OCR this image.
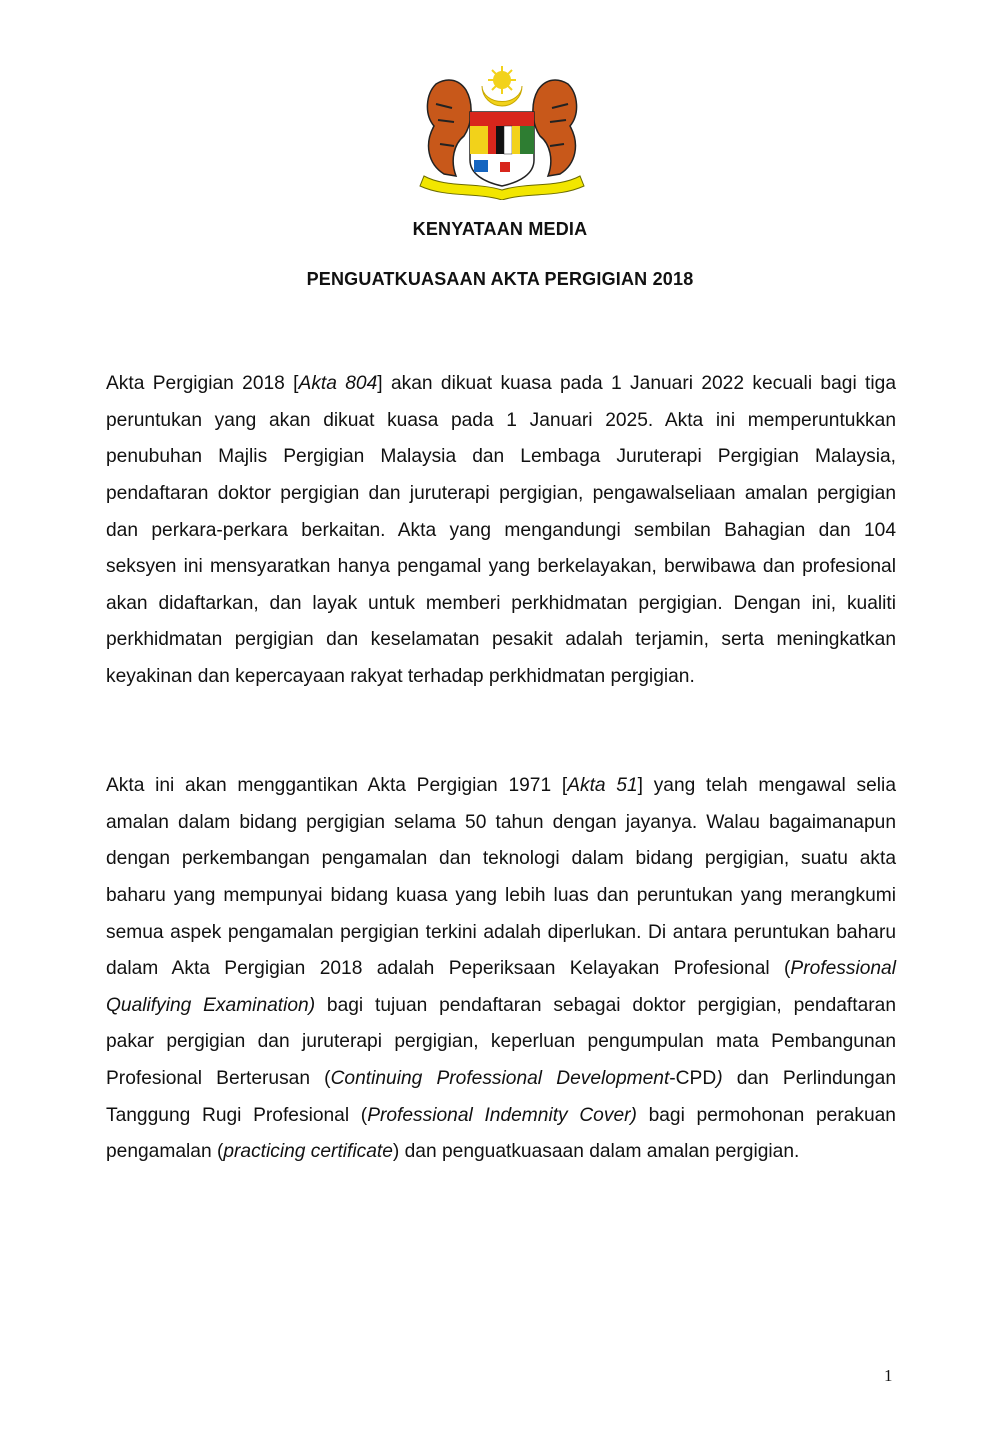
KENYATAAN MEDIA
PENGUATKUASAAN AKTA PERGIGIAN 2018

Akta Pergigian 2018 [Akta 804] akan dikuat kuasa pada 1 Januari 2022 kecuali bagi tiga peruntukan yang akan dikuat kuasa pada 1 Januari 2025. Akta ini memperuntukkan penubuhan Majlis Pergigian Malaysia dan Lembaga Juruterapi Pergigian Malaysia, pendaftaran doktor pergigian dan juruterapi pergigian, pengawalseliaan amalan pergigian dan perkara-perkara berkaitan. Akta yang mengandungi sembilan Bahagian dan 104 seksyen ini mensyaratkan hanya pengamal yang berkelayakan, berwibawa dan profesional akan didaftarkan, dan layak untuk memberi perkhidmatan pergigian. Dengan ini, kualiti perkhidmatan pergigian dan keselamatan pesakit adalah terjamin, serta meningkatkan keyakinan dan kepercayaan rakyat terhadap perkhidmatan pergigian.

Akta ini akan menggantikan Akta Pergigian 1971 [Akta 51] yang telah mengawal selia amalan dalam bidang pergigian selama 50 tahun dengan jayanya. Walau bagaimanapun dengan perkembangan pengamalan dan teknologi dalam bidang pergigian, suatu akta baharu yang mempunyai bidang kuasa yang lebih luas dan peruntukan yang merangkumi semua aspek pengamalan pergigian terkini adalah diperlukan. Di antara peruntukan baharu dalam Akta Pergigian 2018 adalah Peperiksaan Kelayakan Profesional (Professional Qualifying Examination) bagi tujuan pendaftaran sebagai doktor pergigian, pendaftaran pakar pergigian dan juruterapi pergigian, keperluan pengumpulan mata Pembangunan Profesional Berterusan (Continuing Professional Development-CPD) dan Perlindungan Tanggung Rugi Profesional (Professional Indemnity Cover) bagi permohonan perakuan pengamalan (practicing certificate) dan penguatkuasaan dalam amalan pergigian.

1
